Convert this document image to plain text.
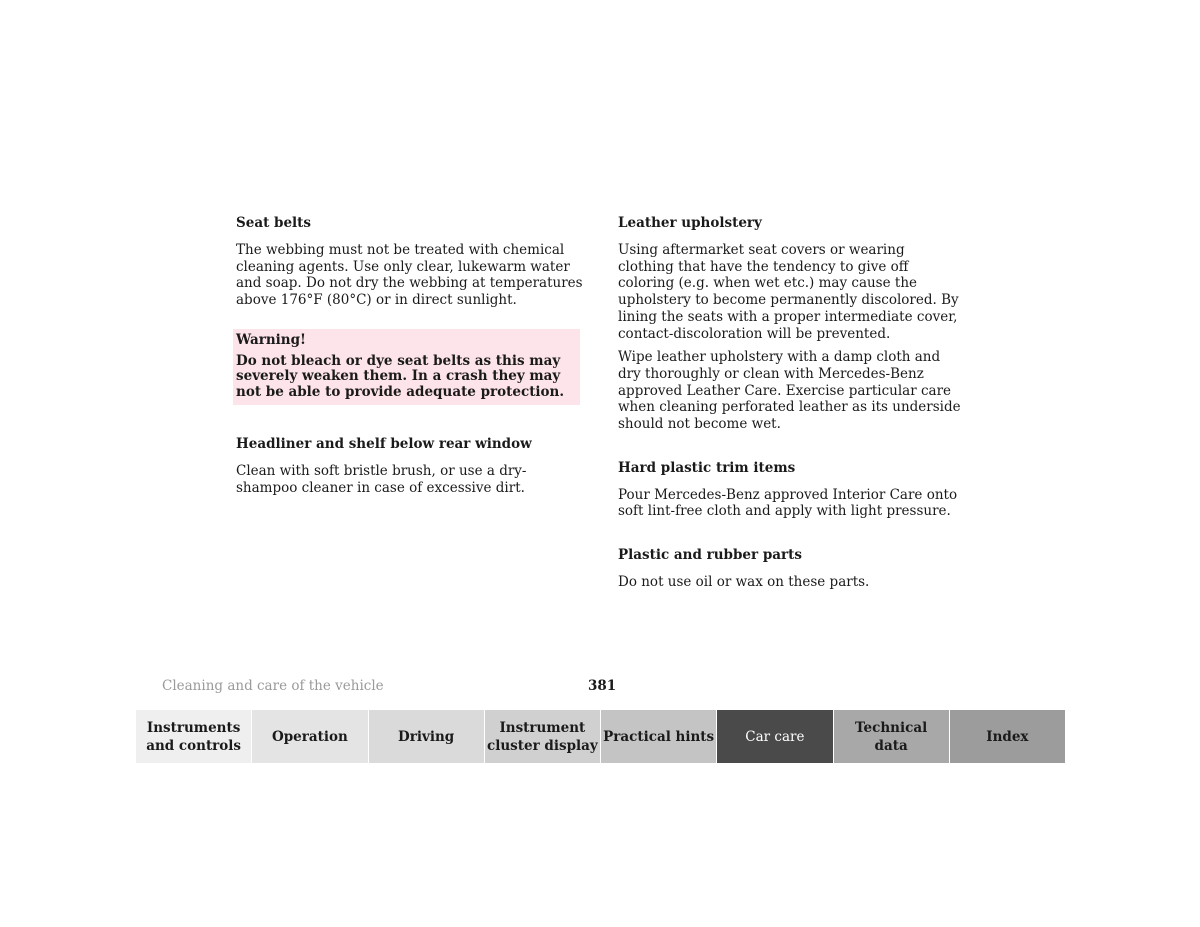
Seat belts

The webbing must not be treated with chemical cleaning agents. Use only clear, lukewarm water and soap. Do not dry the webbing at temperatures above 176°F (80°C) or in direct sunlight.

Warning!
Do not bleach or dye seat belts as this may severely weaken them. In a crash they may not be able to provide adequate protection.
Headliner and shelf below rear window

Clean with soft bristle brush, or use a dry-shampoo cleaner in case of excessive dirt.

Leather upholstery

Using aftermarket seat covers or wearing clothing that have the tendency to give off coloring (e.g. when wet etc.) may cause the upholstery to become permanently discolored. By lining the seats with a proper intermediate cover, contact-discoloration will be prevented.

Wipe leather upholstery with a damp cloth and dry thoroughly or clean with Mercedes-Benz approved Leather Care. Exercise particular care when cleaning perforated leather as its underside should not become wet.

Hard plastic trim items

Pour Mercedes-Benz approved Interior Care onto soft lint-free cloth and apply with light pressure.

Plastic and rubber parts

Do not use oil or wax on these parts.

Cleaning and care of the vehicle	381
Instruments
and controls
Operation	Driving
Instrument
cluster display
Practical hints	Car care
Technical
data
Index
